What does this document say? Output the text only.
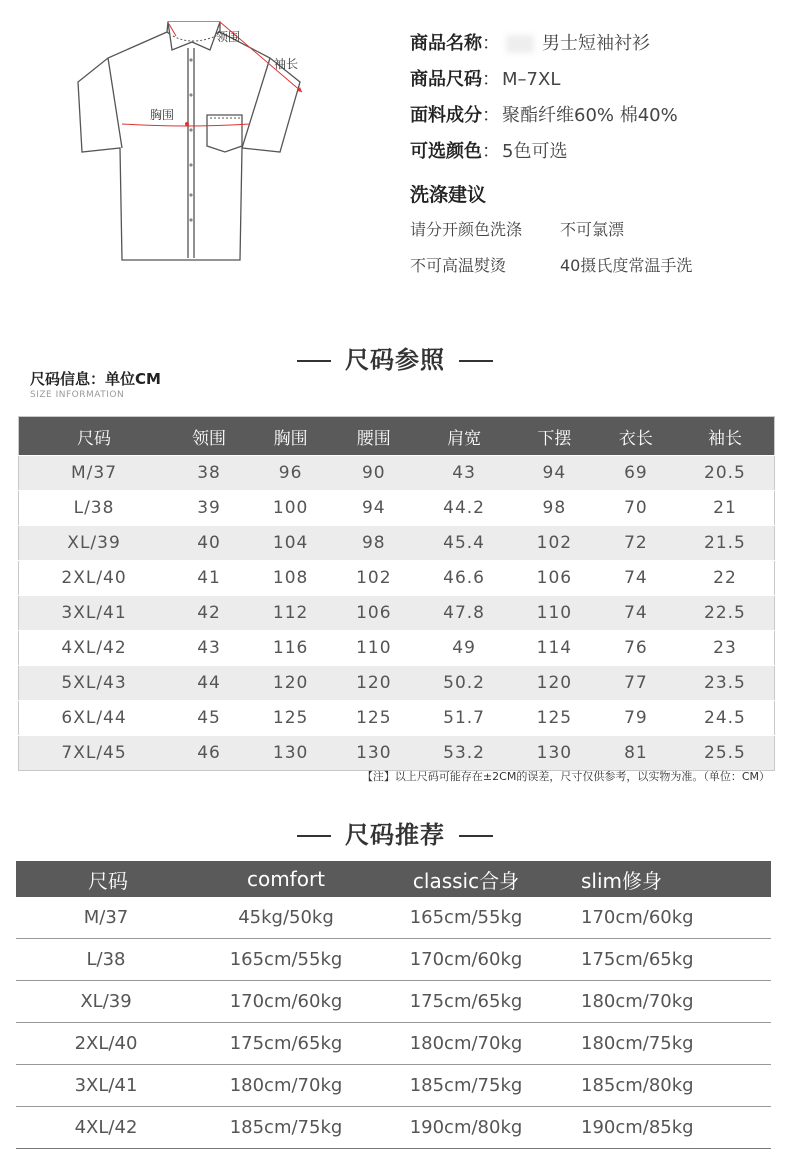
领围
袖长
胸围
商品名称： 男士短袖衬衫
商品尺码： M–7XL
面料成分： 聚酯纤维60% 棉40%
可选颜色： 5色可选
洗涤建议
请分开颜色洗涤 不可氯漂
不可高温熨烫	40摄氏度常温手洗
尺码参照
尺码信息：单位CM
SIZE INFORMATION
尺码	领围	胸围	腰围	肩宽	下摆	衣长	袖长
M/37	38	96	90	43	94	69	20.5
L/38	39	100	94	44.2	98	70	21
XL/39	40	104	98	45.4	102	72	21.5
2XL/40	41	108	102	46.6	106	74	22
3XL/41	42	112	106	47.8	110	74	22.5
4XL/42	43	116	110	49	114	76	23
5XL/43	44	120	120	50.2	120	77	23.5
6XL/44	45	125	125	51.7	125	79	24.5
7XL/45	46	130	130	53.2	130	81	25.5
【注】以上尺码可能存在±2CM的误差，尺寸仅供参考，以实物为准。（单位：CM）
尺码推荐
尺码	comfort	classic合身	slim修身
M/37	45kg/50kg	165cm/55kg	170cm/60kg
L/38	165cm/55kg	170cm/60kg	175cm/65kg
XL/39	170cm/60kg	175cm/65kg	180cm/70kg
2XL/40	175cm/65kg	180cm/70kg	180cm/75kg
3XL/41	180cm/70kg	185cm/75kg	185cm/80kg
4XL/42	185cm/75kg	190cm/80kg	190cm/85kg
